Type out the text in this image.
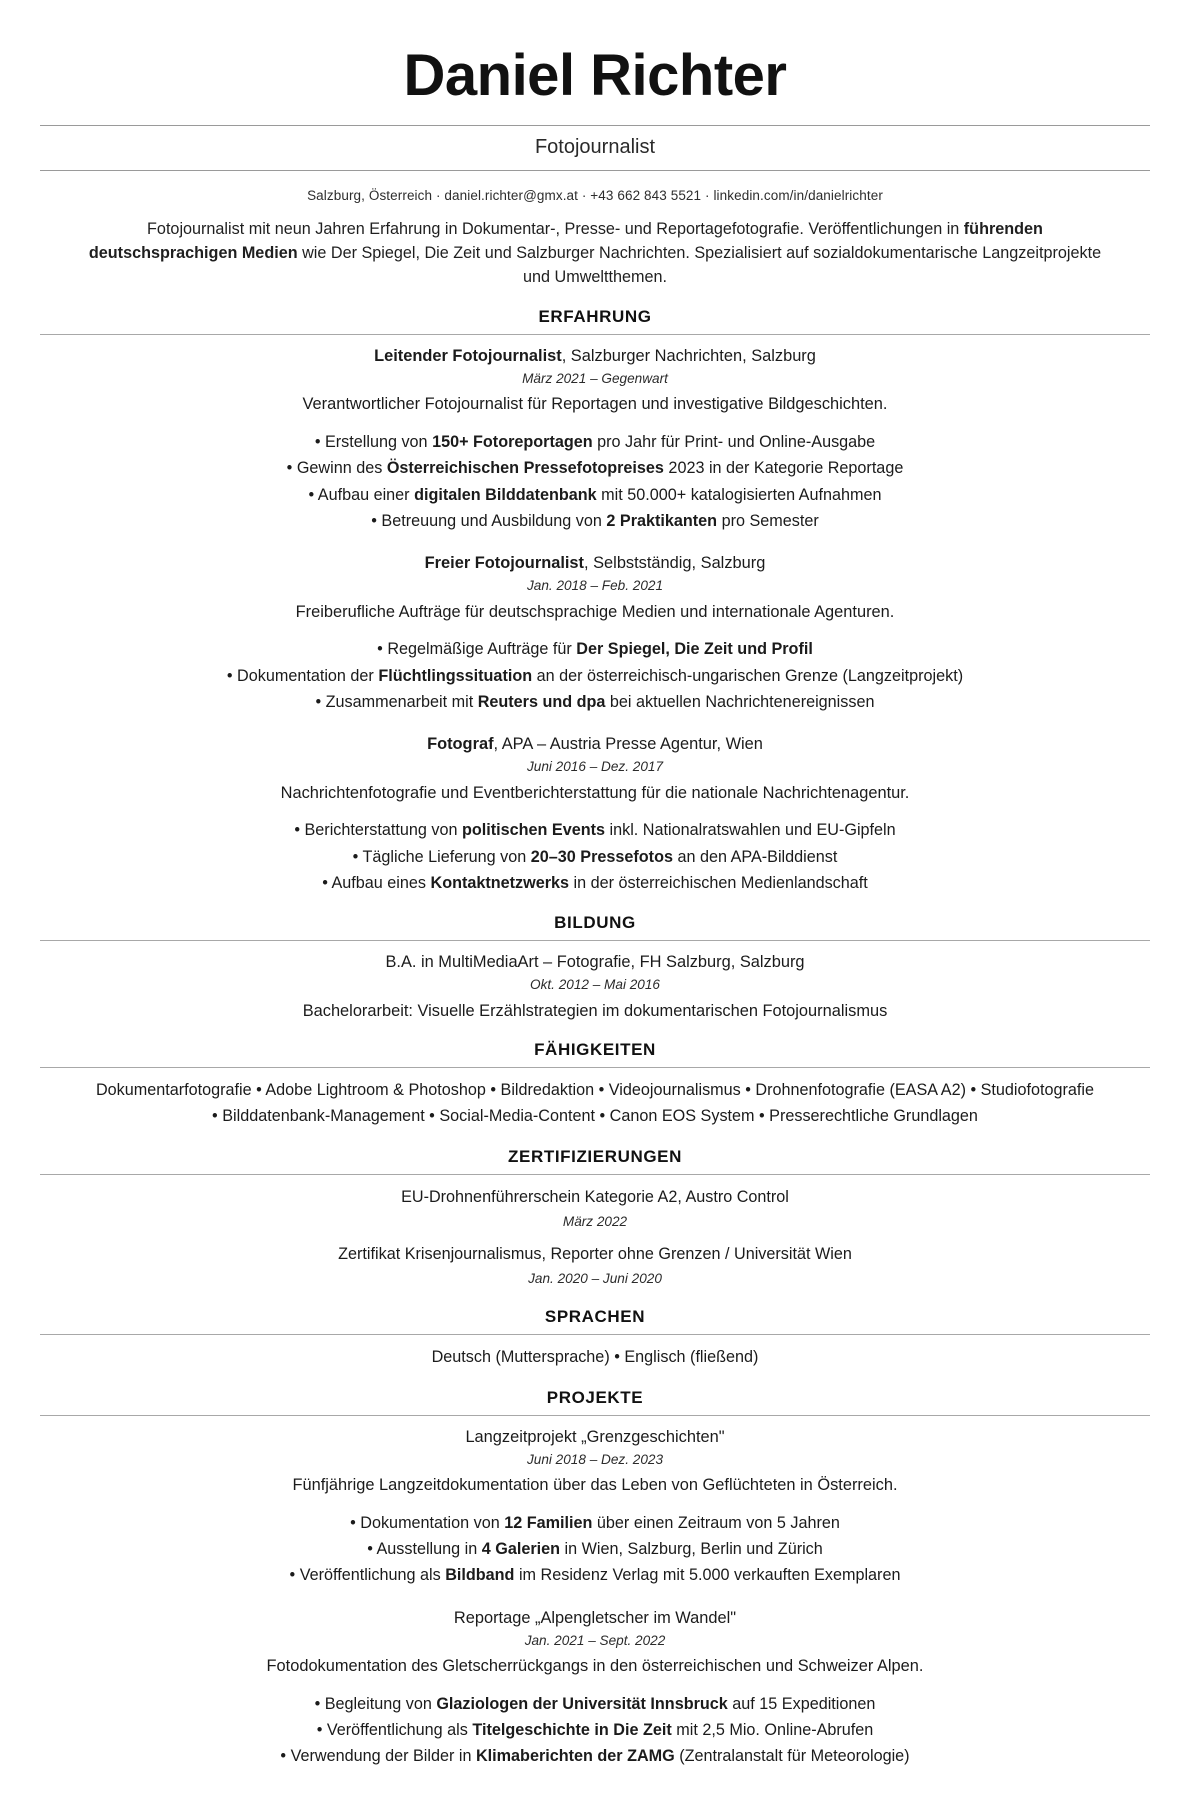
Daniel Richter
Fotojournalist
Salzburg, Österreich · daniel.richter@gmx.at · +43 662 843 5521 · linkedin.com/in/danielrichter

Fotojournalist mit neun Jahren Erfahrung in Dokumentar-, Presse- und Reportagefotografie. Veröffentlichungen in führenden deutschsprachigen Medien wie Der Spiegel, Die Zeit und Salzburger Nachrichten. Spezialisiert auf sozialdokumentarische Langzeitprojekte und Umweltthemen.

ERFAHRUNG
Leitender Fotojournalist, Salzburger Nachrichten, Salzburg
März 2021 – Gegenwart
Verantwortlicher Fotojournalist für Reportagen und investigative Bildgeschichten.
• Erstellung von 150+ Fotoreportagen pro Jahr für Print- und Online-Ausgabe
• Gewinn des Österreichischen Pressefotopreises 2023 in der Kategorie Reportage
• Aufbau einer digitalen Bilddatenbank mit 50.000+ katalogisierten Aufnahmen
• Betreuung und Ausbildung von 2 Praktikanten pro Semester
Freier Fotojournalist, Selbstständig, Salzburg
Jan. 2018 – Feb. 2021
Freiberufliche Aufträge für deutschsprachige Medien und internationale Agenturen.
• Regelmäßige Aufträge für Der Spiegel, Die Zeit und Profil
• Dokumentation der Flüchtlingssituation an der österreichisch-ungarischen Grenze (Langzeitprojekt)
• Zusammenarbeit mit Reuters und dpa bei aktuellen Nachrichtenereignissen
Fotograf, APA – Austria Presse Agentur, Wien
Juni 2016 – Dez. 2017
Nachrichtenfotografie und Eventberichterstattung für die nationale Nachrichtenagentur.
• Berichterstattung von politischen Events inkl. Nationalratswahlen und EU-Gipfeln
• Tägliche Lieferung von 20–30 Pressefotos an den APA-Bilddienst
• Aufbau eines Kontaktnetzwerks in der österreichischen Medienlandschaft
BILDUNG
B.A. in MultiMediaArt – Fotografie, FH Salzburg, Salzburg
Okt. 2012 – Mai 2016
Bachelorarbeit: Visuelle Erzählstrategien im dokumentarischen Fotojournalismus
FÄHIGKEITEN
Dokumentarfotografie • Adobe Lightroom & Photoshop • Bildredaktion • Videojournalismus • Drohnenfotografie (EASA A2) • Studiofotografie
• Bilddatenbank-Management • Social-Media-Content • Canon EOS System • Presserechtliche Grundlagen
ZERTIFIZIERUNGEN
EU-Drohnenführerschein Kategorie A2, Austro Control
März 2022
Zertifikat Krisenjournalismus, Reporter ohne Grenzen / Universität Wien
Jan. 2020 – Juni 2020
SPRACHEN
Deutsch (Muttersprache) • Englisch (fließend)
PROJEKTE
Langzeitprojekt „Grenzgeschichten"
Juni 2018 – Dez. 2023
Fünfjährige Langzeitdokumentation über das Leben von Geflüchteten in Österreich.
• Dokumentation von 12 Familien über einen Zeitraum von 5 Jahren
• Ausstellung in 4 Galerien in Wien, Salzburg, Berlin und Zürich
• Veröffentlichung als Bildband im Residenz Verlag mit 5.000 verkauften Exemplaren
Reportage „Alpengletscher im Wandel"
Jan. 2021 – Sept. 2022
Fotodokumentation des Gletscherrückgangs in den österreichischen und Schweizer Alpen.
• Begleitung von Glaziologen der Universität Innsbruck auf 15 Expeditionen
• Veröffentlichung als Titelgeschichte in Die Zeit mit 2,5 Mio. Online-Abrufen
• Verwendung der Bilder in Klimaberichten der ZAMG (Zentralanstalt für Meteorologie)
